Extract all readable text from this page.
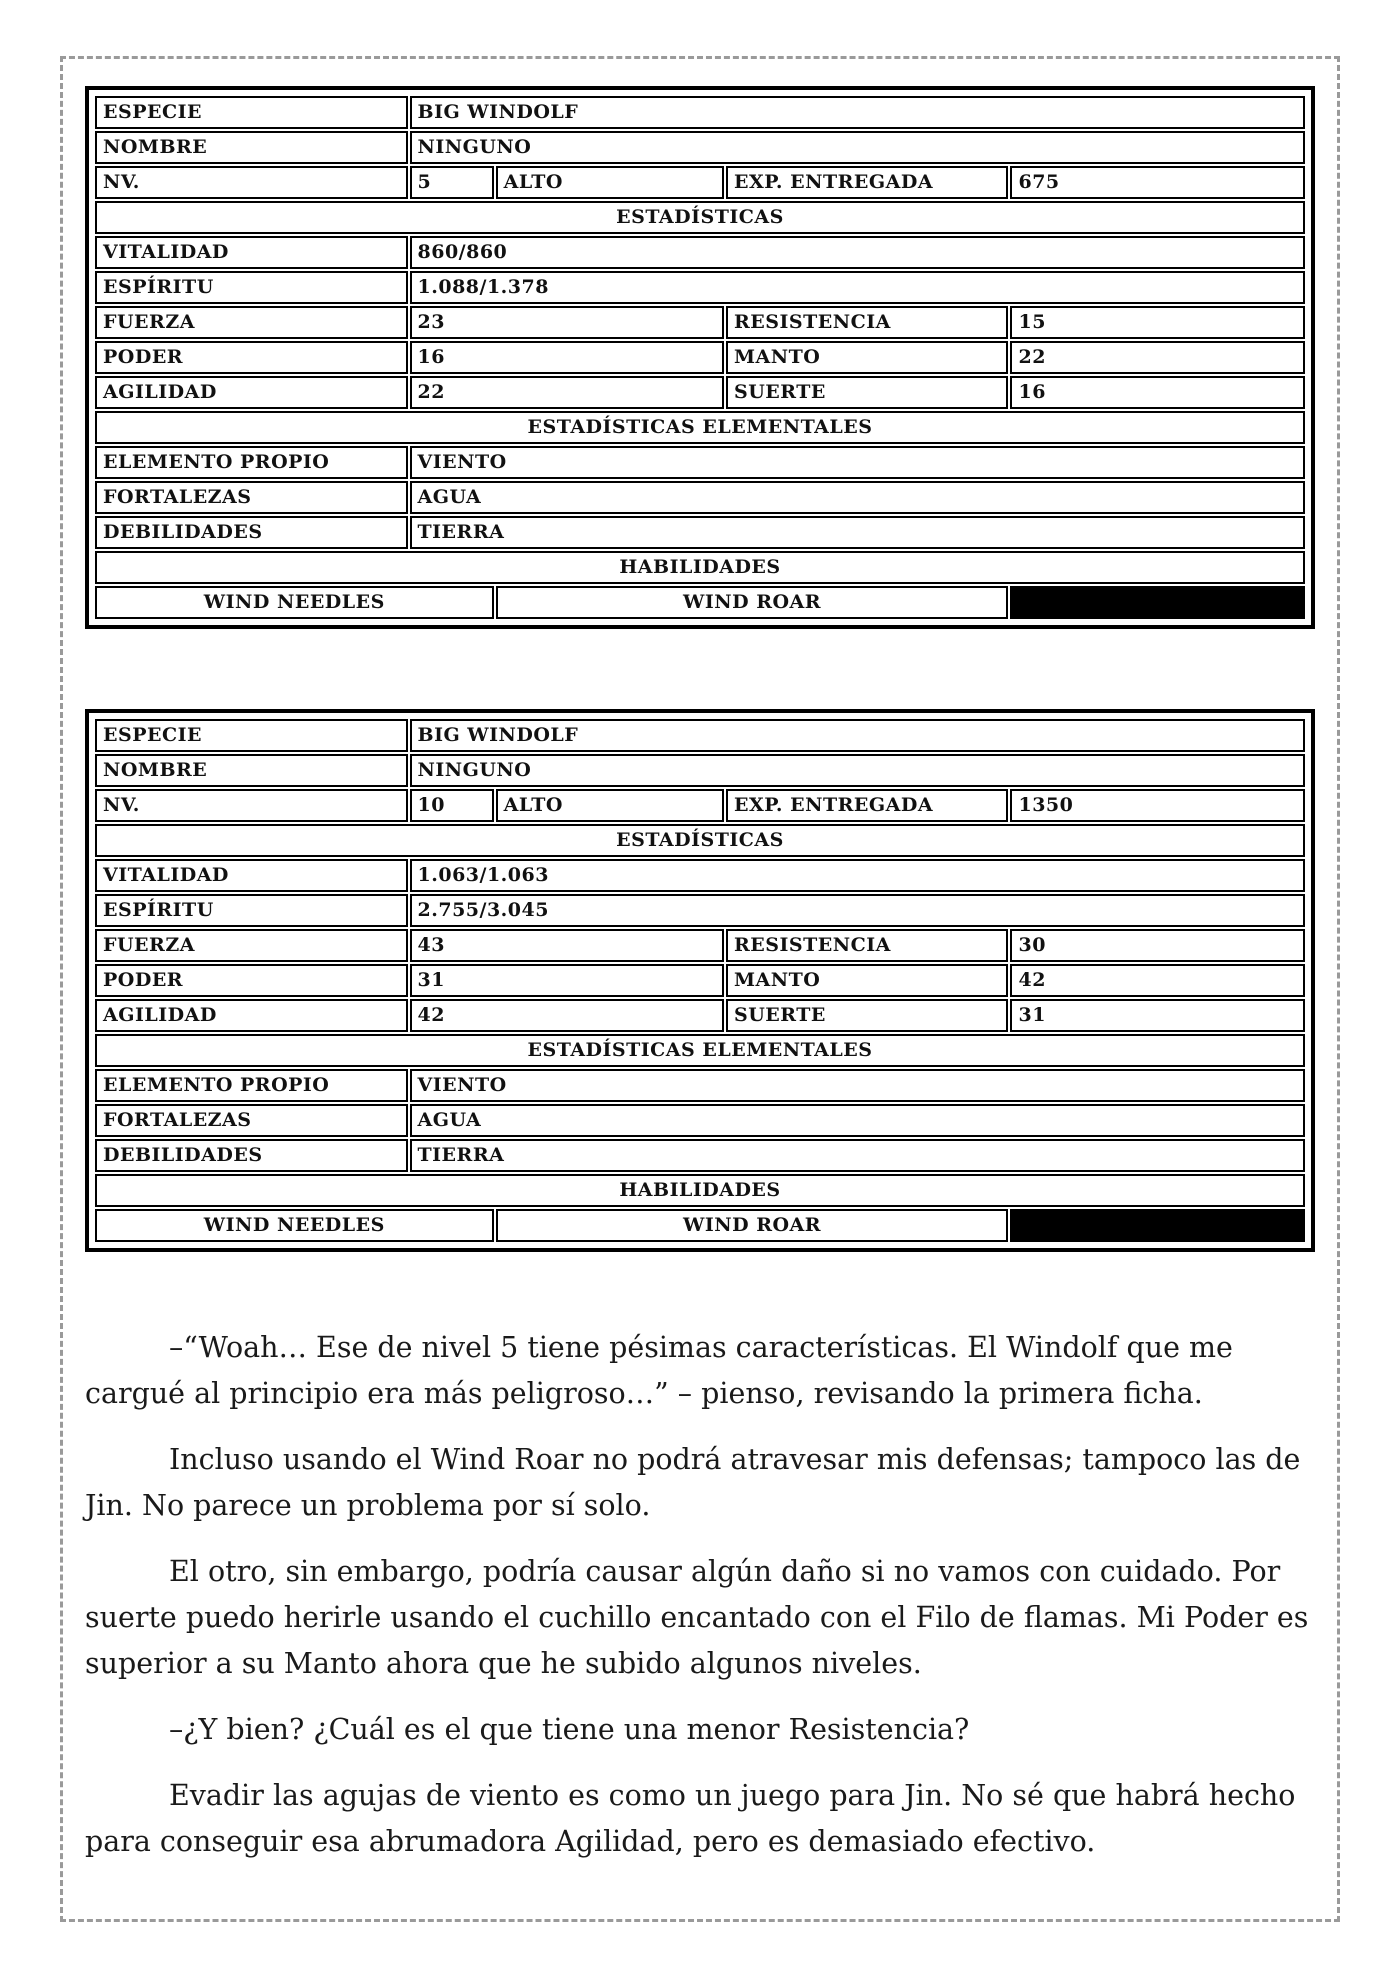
ESPECIE	BIG WINDOLF			
NOMBRE	NINGUNO			
NV.	5	ALTO	EXP. ENTREGADA	675
ESTADÍSTICAS				
VITALIDAD	860/860			
ESPÍRITU	1.088/1.378			
FUERZA	23		RESISTENCIA	15
PODER	16		MANTO	22
AGILIDAD	22		SUERTE	16
ESTADÍSTICAS ELEMENTALES				
ELEMENTO PROPIO	VIENTO			
FORTALEZAS	AGUA			
DEBILIDADES	TIERRA			
HABILIDADES				
WIND NEEDLES		WIND ROAR		
ESPECIE	BIG WINDOLF			
NOMBRE	NINGUNO			
NV.	10	ALTO	EXP. ENTREGADA	1350
ESTADÍSTICAS				
VITALIDAD	1.063/1.063			
ESPÍRITU	2.755/3.045			
FUERZA	43		RESISTENCIA	30
PODER	31		MANTO	42
AGILIDAD	42		SUERTE	31
ESTADÍSTICAS ELEMENTALES				
ELEMENTO PROPIO	VIENTO			
FORTALEZAS	AGUA			
DEBILIDADES	TIERRA			
HABILIDADES				
WIND NEEDLES		WIND ROAR		

–“Woah… Ese de nivel 5 tiene pésimas características. El Windolf que me cargué al principio era más peligroso…” – pienso, revisando la primera ficha.

Incluso usando el Wind Roar no podrá atravesar mis defensas; tampoco las de Jin. No parece un problema por sí solo.

El otro, sin embargo, podría causar algún daño si no vamos con cuidado. Por suerte puedo herirle usando el cuchillo encantado con el Filo de flamas. Mi Poder es superior a su Manto ahora que he subido algunos niveles.

–¿Y bien? ¿Cuál es el que tiene una menor Resistencia?

Evadir las agujas de viento es como un juego para Jin. No sé que habrá hecho para conseguir esa abrumadora Agilidad, pero es demasiado efectivo.
